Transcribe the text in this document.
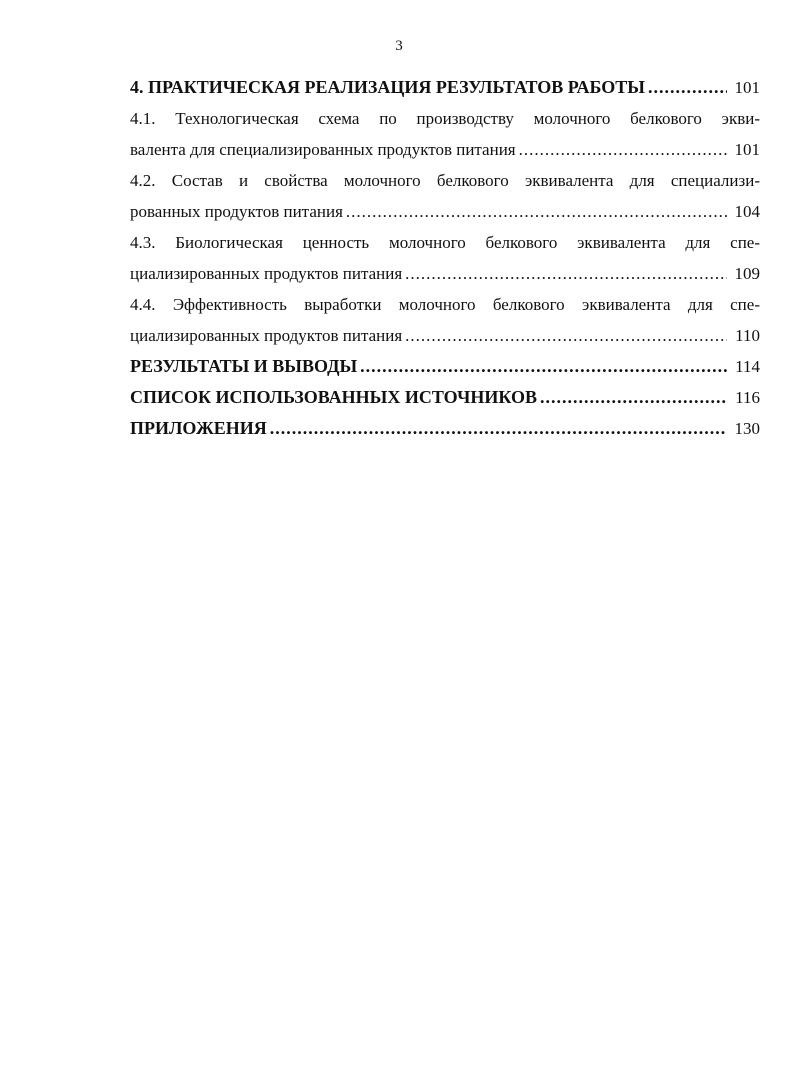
3
4. ПРАКТИЧЕСКАЯ РЕАЛИЗАЦИЯ РЕЗУЛЬТАТОВ РАБОТЫ .....	101
4.1. Технологическая схема по производству молочного белкового экви-
валента для специализированных продуктов питания .....	101
4.2. Состав и свойства молочного белкового эквивалента для специализи-
рованных продуктов питания .....	104
4.3. Биологическая ценность молочного белкового эквивалента для спе-
циализированных продуктов питания .....	109
4.4. Эффективность выработки молочного белкового эквивалента для спе-
циализированных продуктов питания .....	110
РЕЗУЛЬТАТЫ И ВЫВОДЫ .....	114
СПИСОК ИСПОЛЬЗОВАННЫХ ИСТОЧНИКОВ .....	116
ПРИЛОЖЕНИЯ .....	130
